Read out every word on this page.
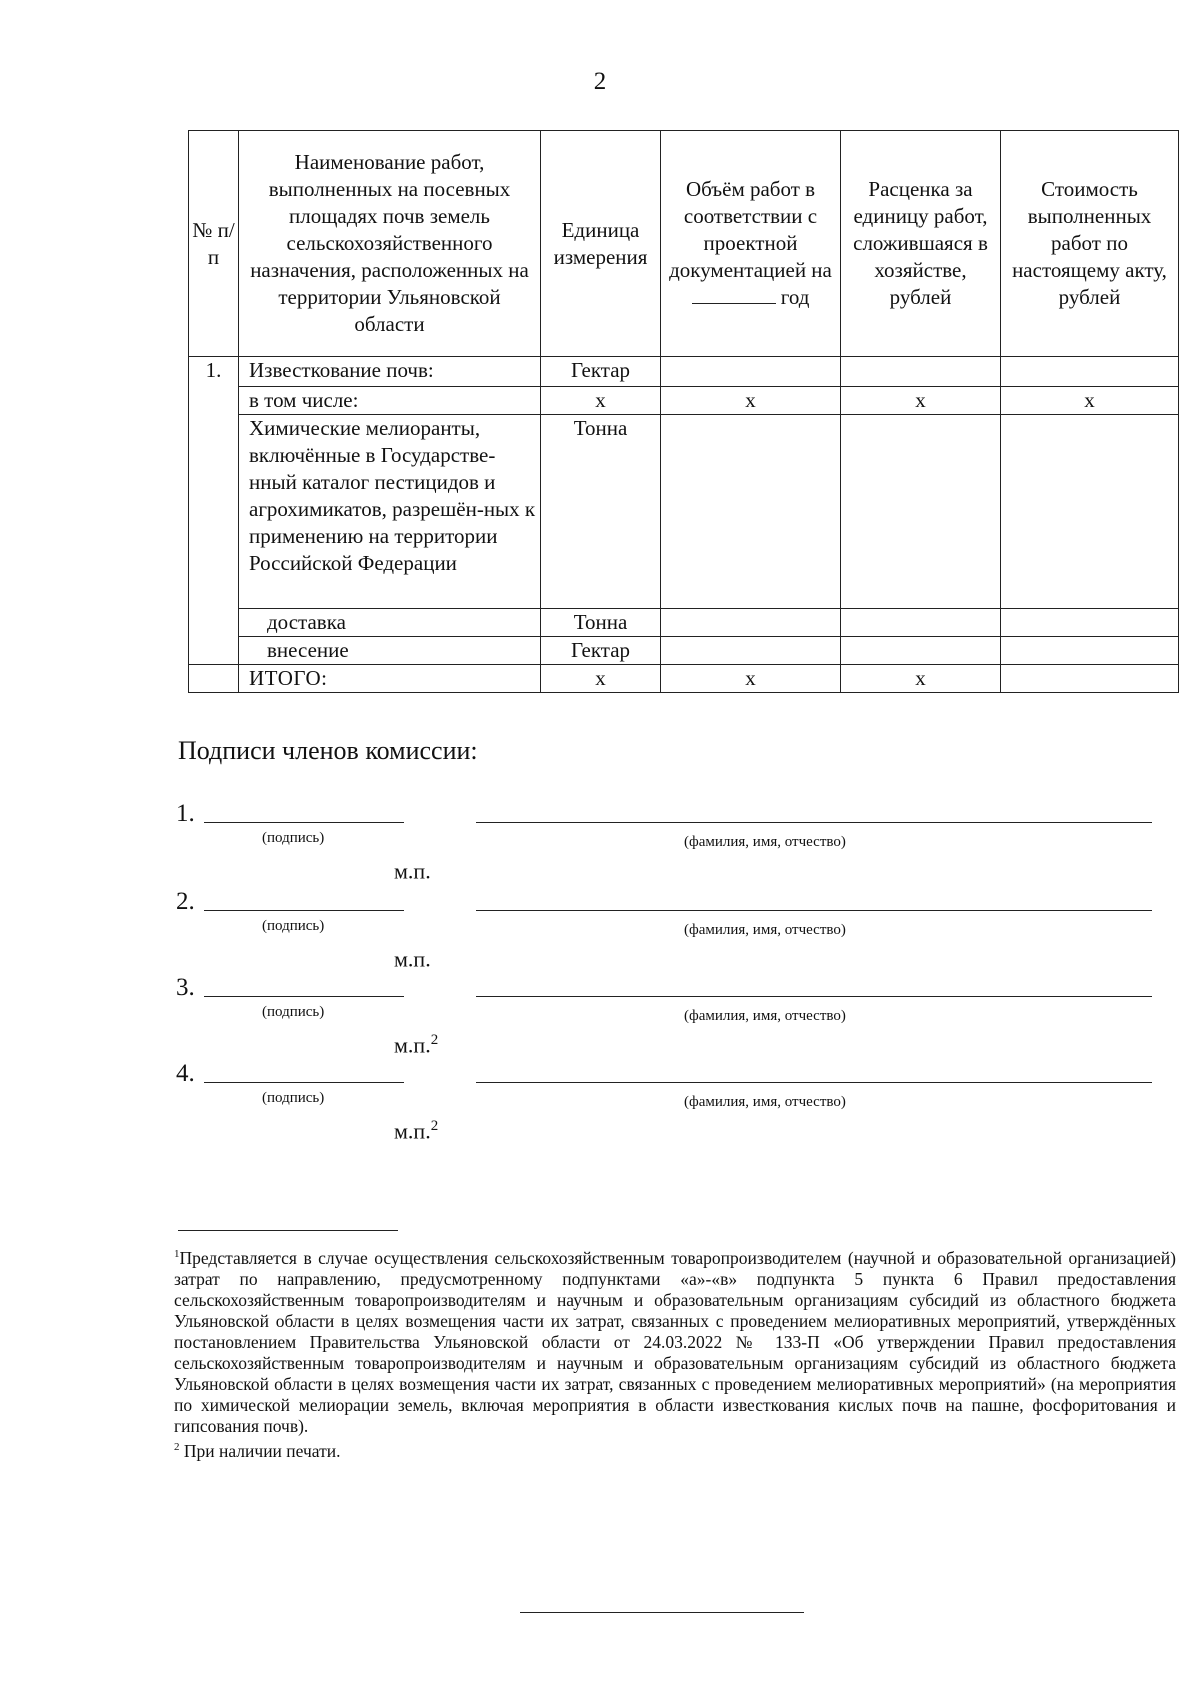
2
№ п/п	Наименование работ, выполненных на посевных площадях почв земель сельскохозяйственного назначения, расположенных на территории Ульяновской области	Единица измерения	Объём работ в соответствии с проектной документацией на  год	Расценка за единицу работ, сложившаяся в хозяйстве, рублей	Стоимость выполненных работ по настоящему акту, рублей
1.	Известкование почв:	Гектар			
	в том числе:	x	x	x	x
	Химические мелиоранты, включённые в Государстве-нный каталог пестицидов и агрохимикатов, разрешён-ных к применению на территории Российской Федерации	Тонна			
	доставка	Тонна			
	внесение	Гектар			
	ИТОГО:	x	x	x	
Подписи членов комиссии:
1.
(подпись)	(фамилия, имя, отчество)
м.п.
2.
(подпись)	(фамилия, имя, отчество)
м.п.
3.
(подпись)	(фамилия, имя, отчество)
м.п.$^2$
4.
(подпись)	(фамилия, имя, отчество)
м.п.$^2$

$^1$Представляется в случае осуществления сельскохозяйственным товаропроизводителем (научной и образовательной организацией) затрат по направлению, предусмотренному подпунктами «а»-«в» подпункта 5 пункта 6 Правил предоставления сельскохозяйственным товаропроизводителям и научным и образовательным организациям субсидий из областного бюджета Ульяновской области в целях возмещения части их затрат, связанных с проведением мелиоративных мероприятий, утверждённых постановлением Правительства Ульяновской области от 24.03.2022 № 133-П «Об утверждении Правил предоставления сельскохозяйственным товаропроизводителям и научным и образовательным организациям субсидий из областного бюджета Ульяновской области в целях возмещения части их затрат, связанных с проведением мелиоративных мероприятий» (на мероприятия по химической мелиорации земель, включая мероприятия в области известкования кислых почв на пашне, фосфоритования и гипсования почв).

$^2$ При наличии печати.
